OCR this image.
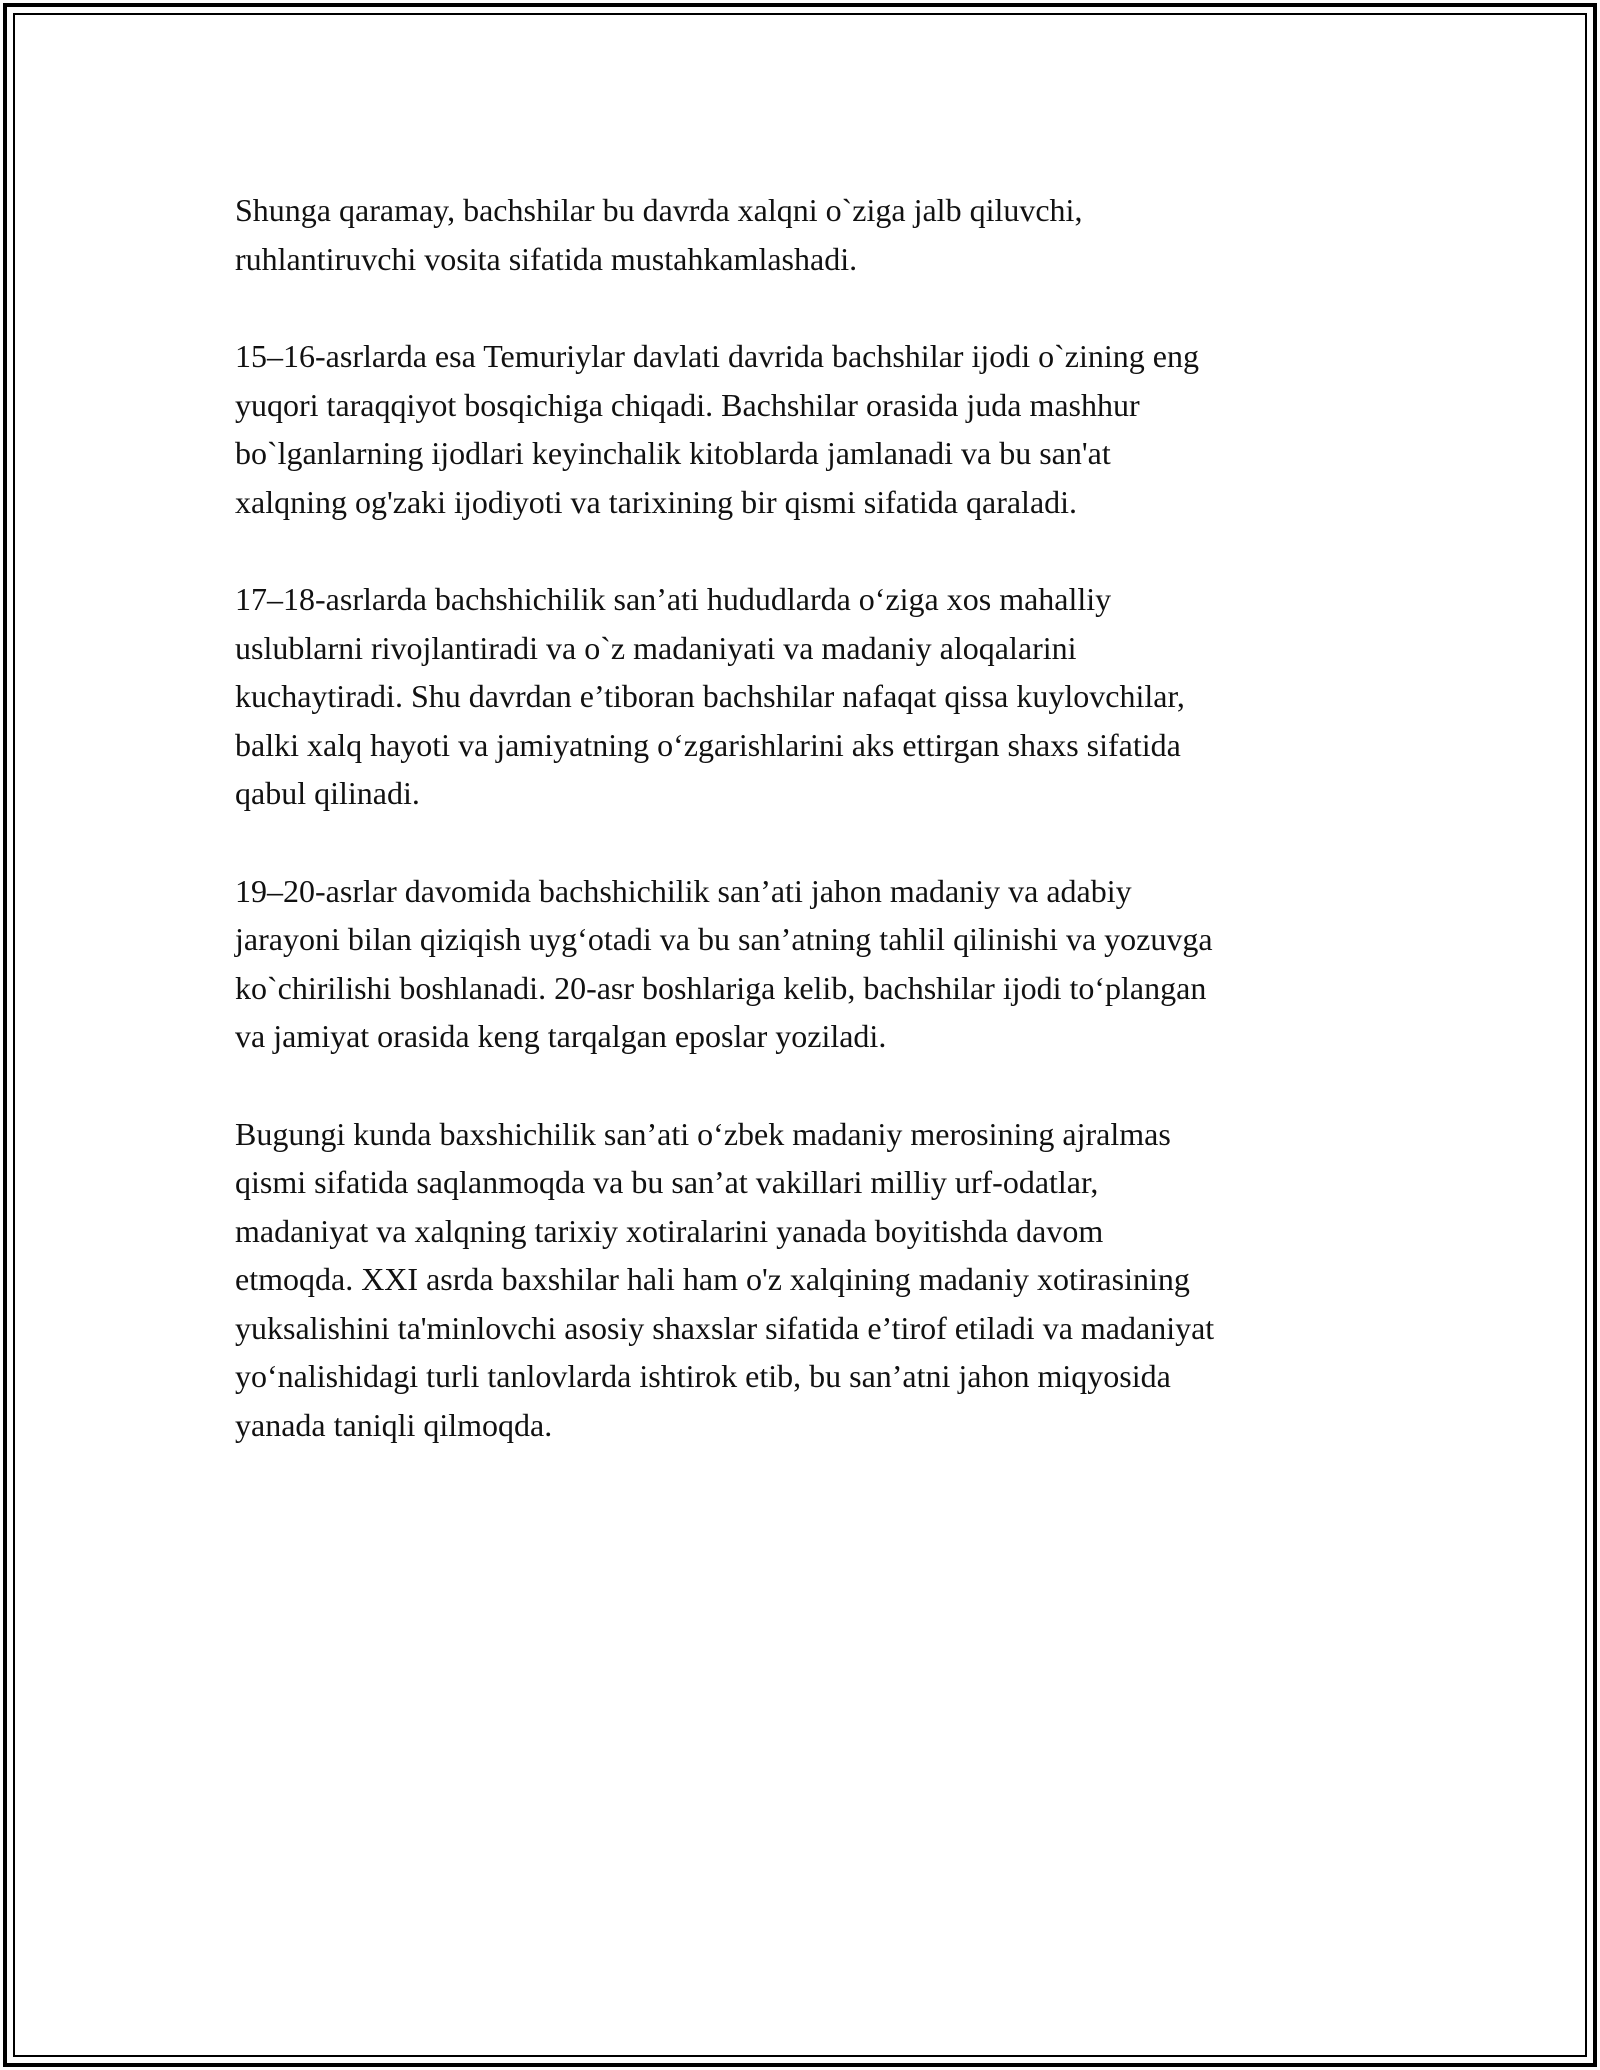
Shunga qaramay, bachshilar bu davrda xalqni o`ziga jalb qiluvchi,
ruhlantiruvchi vosita sifatida mustahkamlashadi.

15–16-asrlarda esa Temuriylar davlati davrida bachshilar ijodi o`zining eng
yuqori taraqqiyot bosqichiga chiqadi. Bachshilar orasida juda mashhur
bo`lganlarning ijodlari keyinchalik kitoblarda jamlanadi va bu san'at
xalqning og'zaki ijodiyoti va tarixining bir qismi sifatida qaraladi.

17–18-asrlarda bachshichilik san’ati hududlarda o‘ziga xos mahalliy
uslublarni rivojlantiradi va o`z madaniyati va madaniy aloqalarini
kuchaytiradi. Shu davrdan e’tiboran bachshilar nafaqat qissa kuylovchilar,
balki xalq hayoti va jamiyatning o‘zgarishlarini aks ettirgan shaxs sifatida
qabul qilinadi.

19–20-asrlar davomida bachshichilik san’ati jahon madaniy va adabiy
jarayoni bilan qiziqish uyg‘otadi va bu san’atning tahlil qilinishi va yozuvga
ko`chirilishi boshlanadi. 20-asr boshlariga kelib, bachshilar ijodi to‘plangan
va jamiyat orasida keng tarqalgan eposlar yoziladi.

Bugungi kunda baxshichilik san’ati o‘zbek madaniy merosining ajralmas
qismi sifatida saqlanmoqda va bu san’at vakillari milliy urf-odatlar,
madaniyat va xalqning tarixiy xotiralarini yanada boyitishda davom
etmoqda. XXI asrda baxshilar hali ham o'z xalqining madaniy xotirasining
yuksalishini ta'minlovchi asosiy shaxslar sifatida e’tirof etiladi va madaniyat
yo‘nalishidagi turli tanlovlarda ishtirok etib, bu san’atni jahon miqyosida
yanada taniqli qilmoqda.
